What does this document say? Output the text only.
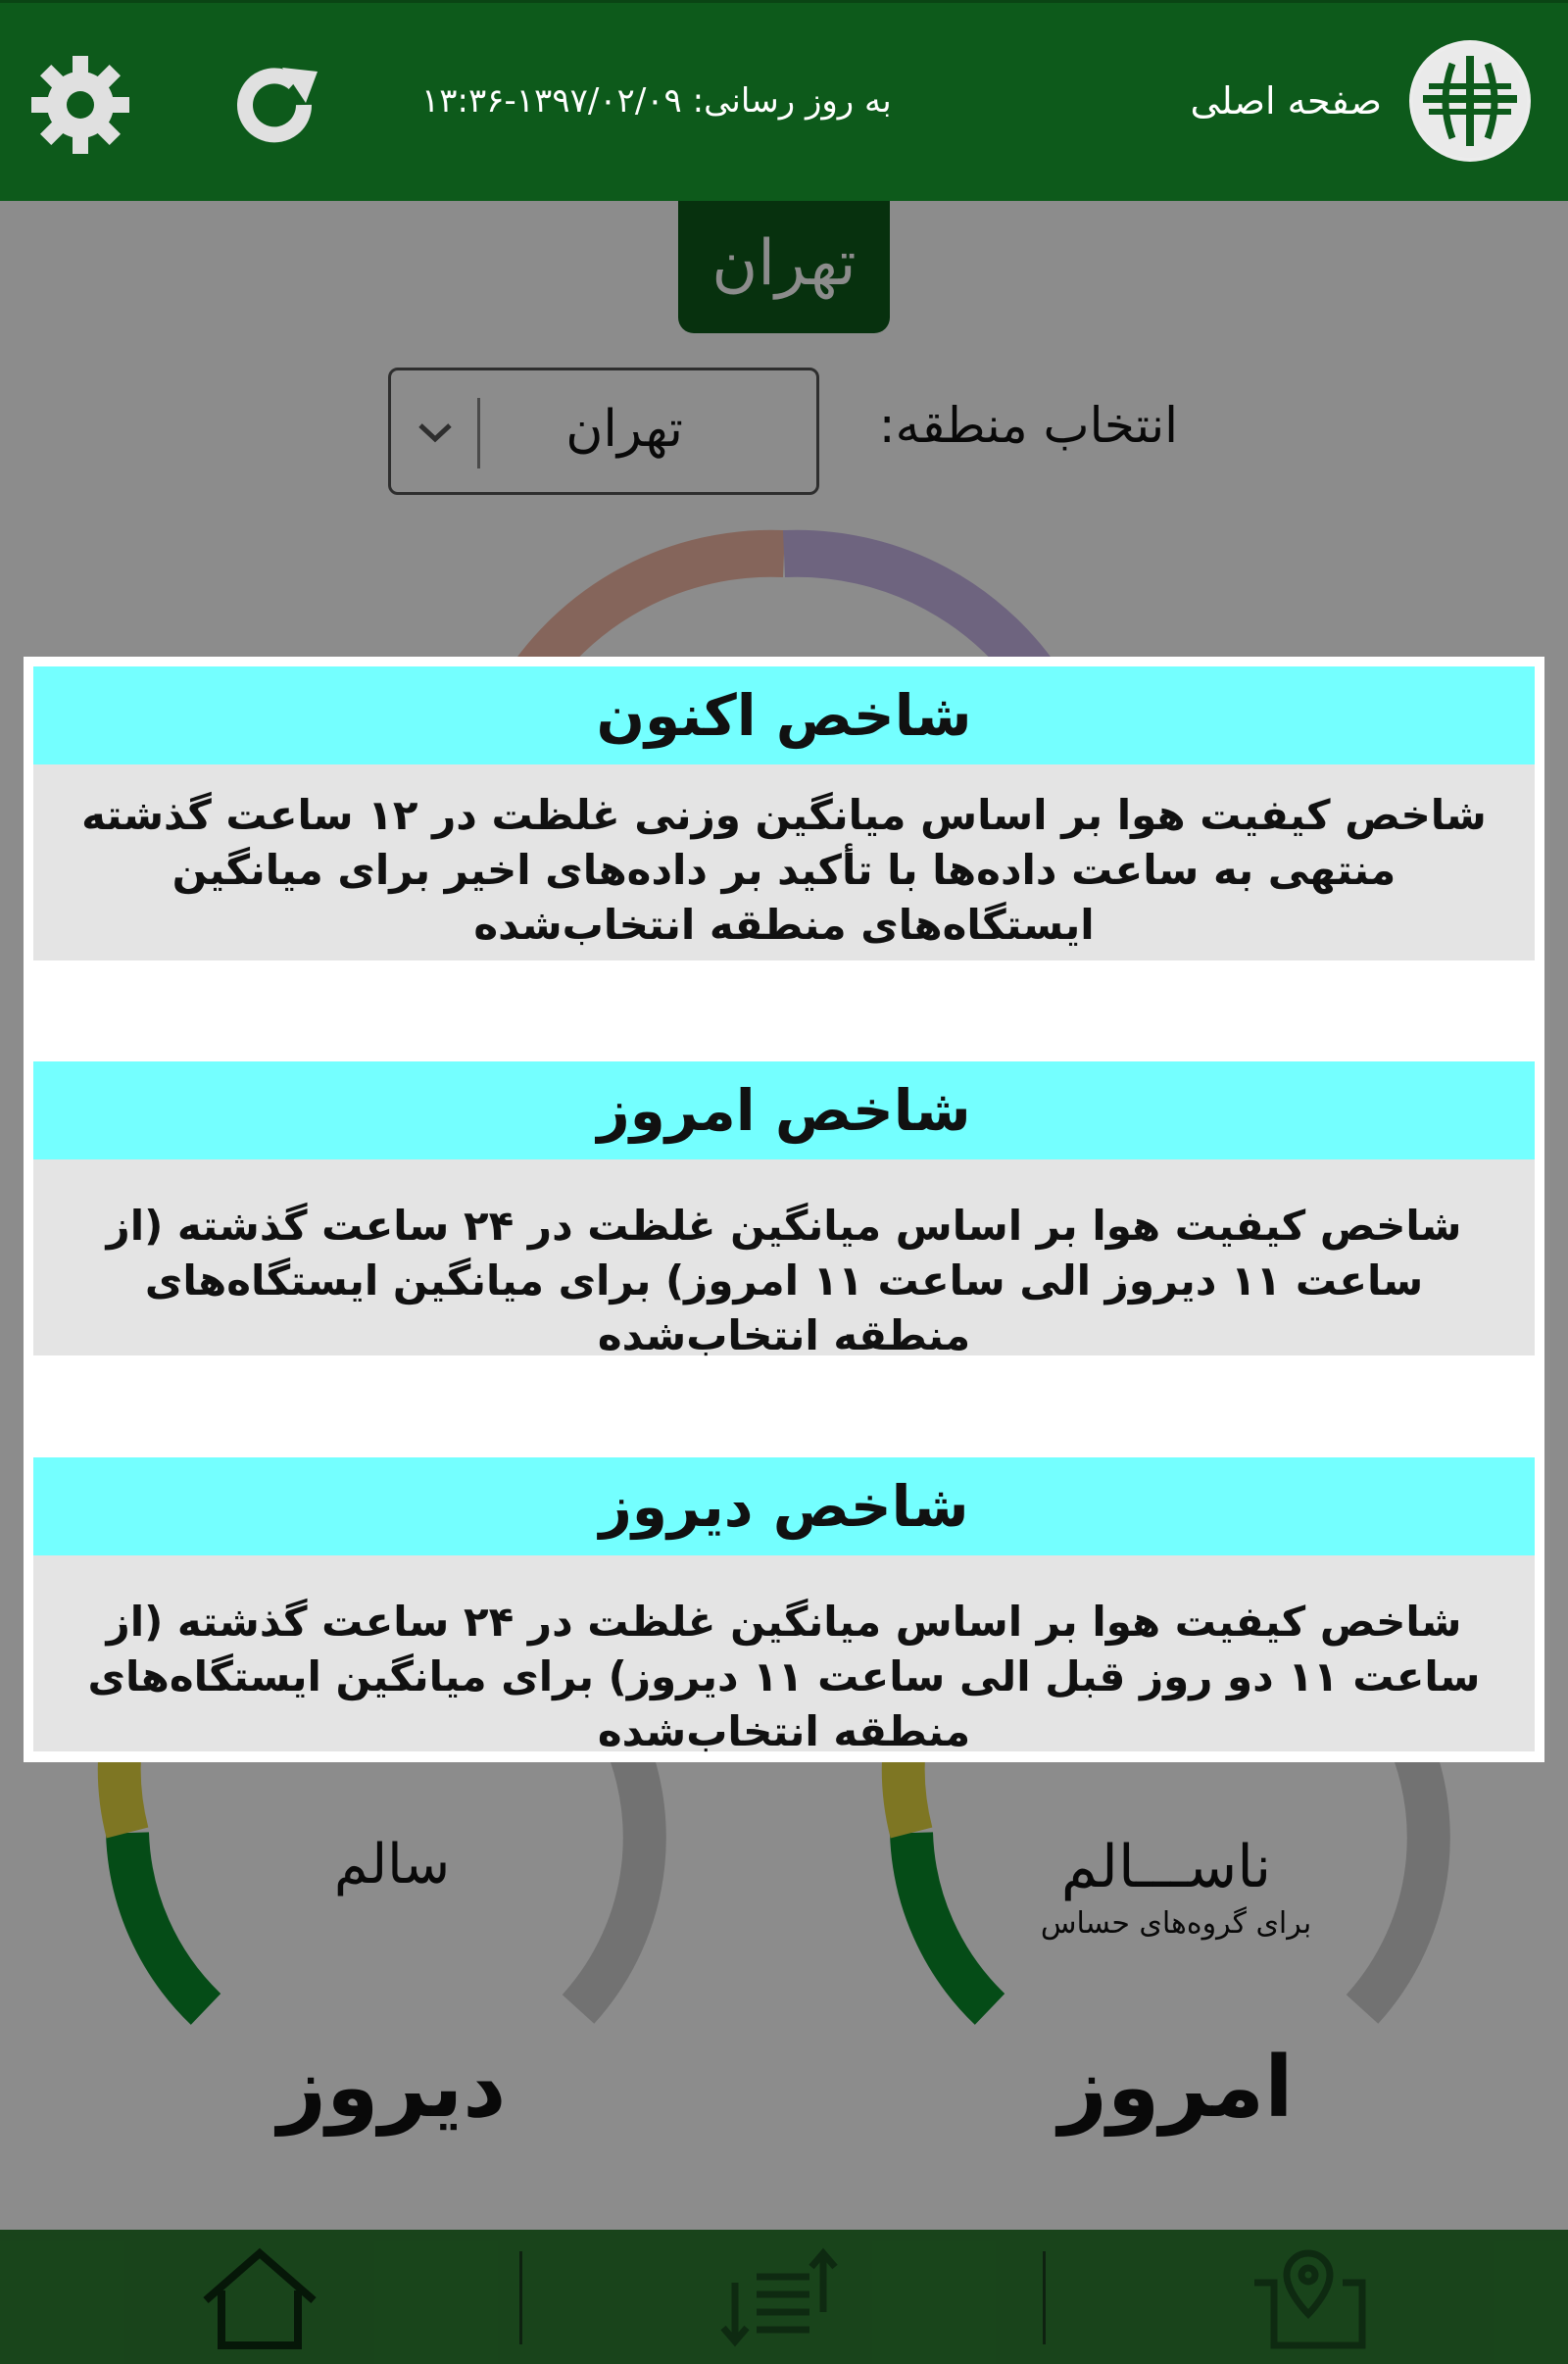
صفحه اصلی
به روز رسانی: ۱۳۹۷/۰۲/۰۹-۱۳:۳۶
تهران
انتخاب منطقه:
تهران
سالم	ناســـالم
برای گروه‌های حساس
دیروز	امروز
شاخص اکنون
شاخص کیفیت هوا بر اساس میانگین وزنی غلظت در ۱۲ ساعت گذشته منتهی به ساعت داده‌ها با تأکید بر داده‌های اخیر برای میانگین ایستگاه‌های منطقه انتخاب‌شده
شاخص امروز
شاخص کیفیت هوا بر اساس میانگین غلظت در ۲۴ ساعت گذشته (از ساعت ۱۱ دیروز الی ساعت ۱۱ امروز) برای میانگین ایستگاه‌های منطقه انتخاب‌شده
شاخص دیروز
شاخص کیفیت هوا بر اساس میانگین غلظت در ۲۴ ساعت گذشته (از ساعت ۱۱ دو روز قبل الی ساعت ۱۱ دیروز) برای میانگین ایستگاه‌های منطقه انتخاب‌شده
